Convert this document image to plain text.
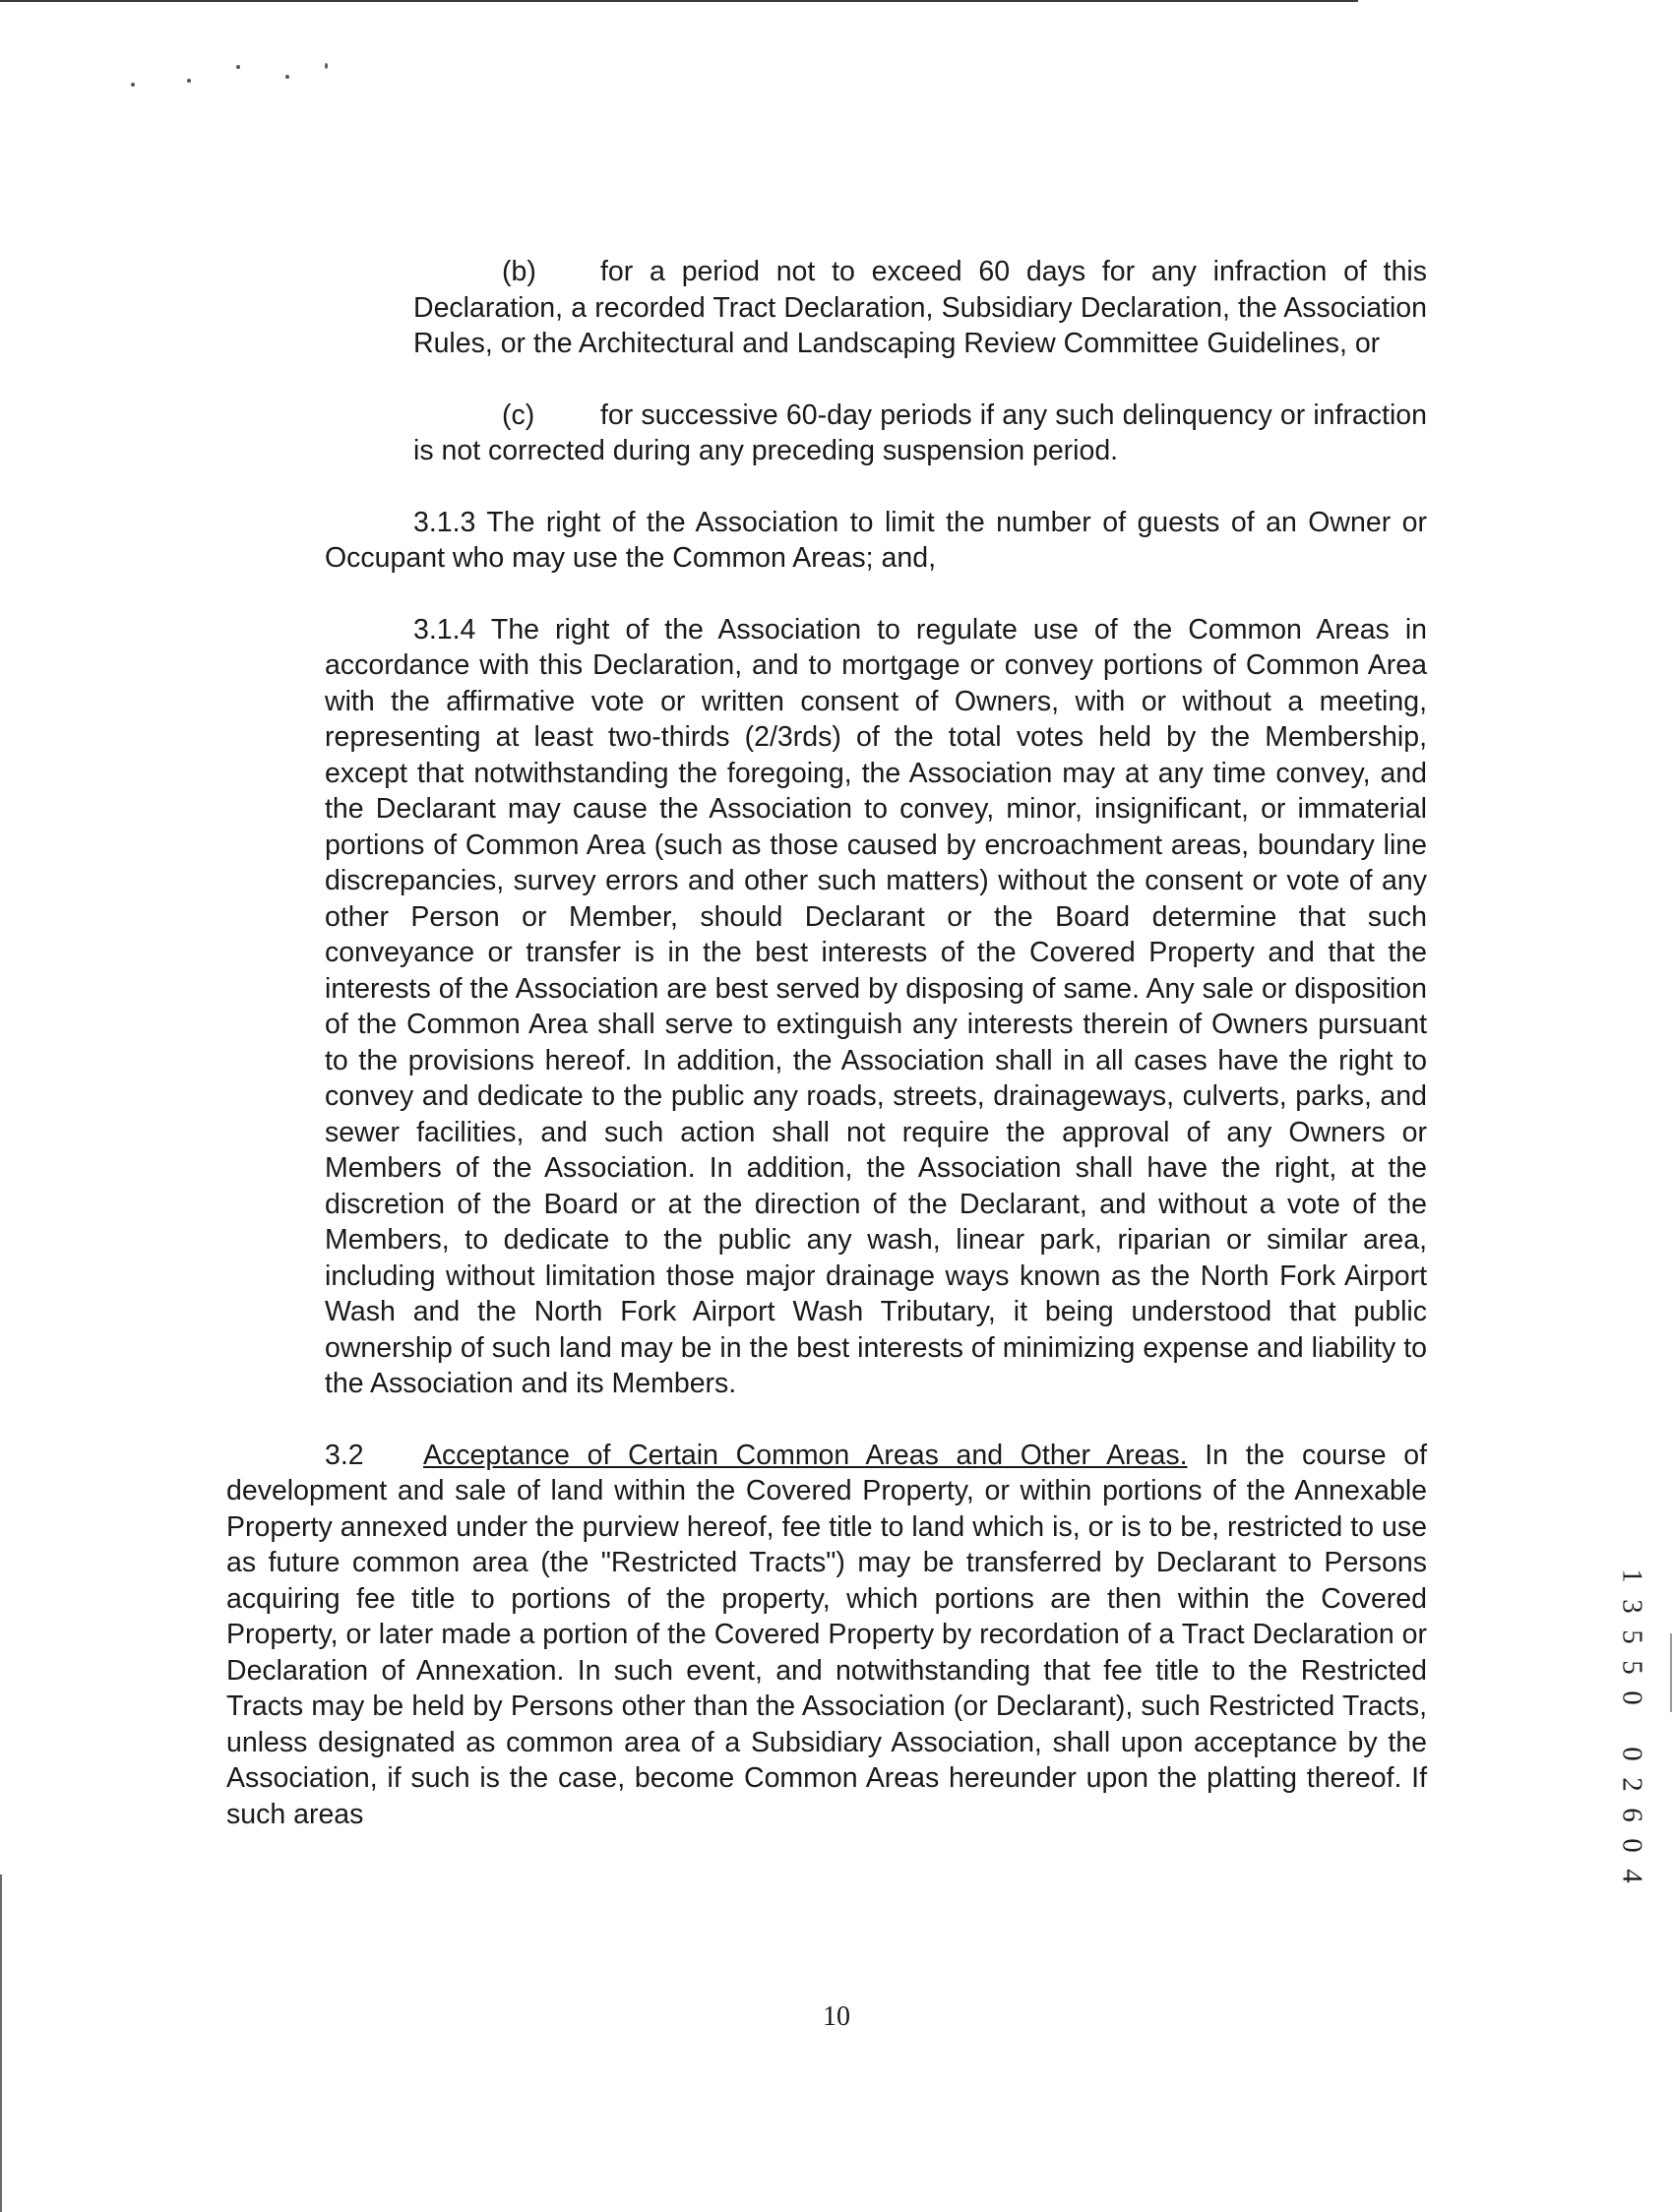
(b) for a period not to exceed 60 days for any infraction of this Declaration, a recorded Tract Declaration, Subsidiary Declaration, the Association Rules, or the Architectural and Landscaping Review Committee Guidelines, or

(c) for successive 60-day periods if any such delinquency or infraction is not corrected during any preceding suspension period.

3.1.3 The right of the Association to limit the number of guests of an Owner or Occupant who may use the Common Areas; and,

3.1.4 The right of the Association to regulate use of the Common Areas in accordance with this Declaration, and to mortgage or convey portions of Common Area with the affirmative vote or written consent of Owners, with or without a meeting, representing at least two-thirds (2/3rds) of the total votes held by the Membership, except that notwithstanding the foregoing, the Association may at any time convey, and the Declarant may cause the Association to convey, minor, insignificant, or immaterial portions of Common Area (such as those caused by encroachment areas, boundary line discrepancies, survey errors and other such matters) without the consent or vote of any other Person or Member, should Declarant or the Board determine that such conveyance or transfer is in the best interests of the Covered Property and that the interests of the Association are best served by disposing of same. Any sale or disposition of the Common Area shall serve to extinguish any interests therein of Owners pursuant to the provisions hereof. In addition, the Association shall in all cases have the right to convey and dedicate to the public any roads, streets, drainageways, culverts, parks, and sewer facilities, and such action shall not require the approval of any Owners or Members of the Association. In addition, the Association shall have the right, at the discretion of the Board or at the direction of the Declarant, and without a vote of the Members, to dedicate to the public any wash, linear park, riparian or similar area, including without limitation those major drainage ways known as the North Fork Airport Wash and the North Fork Airport Wash Tributary, it being understood that public ownership of such land may be in the best interests of minimizing expense and liability to the Association and its Members.

3.2 Acceptance of Certain Common Areas and Other Areas. In the course of development and sale of land within the Covered Property, or within portions of the Annexable Property annexed under the purview hereof, fee title to land which is, or is to be, restricted to use as future common area (the "Restricted Tracts") may be transferred by Declarant to Persons acquiring fee title to portions of the property, which portions are then within the Covered Property, or later made a portion of the Covered Property by recordation of a Tract Declaration or Declaration of Annexation. In such event, and notwithstanding that fee title to the Restricted Tracts may be held by Persons other than the Association (or Declarant), such Restricted Tracts, unless designated as common area of a Subsidiary Association, shall upon acceptance by the Association, if such is the case, become Common Areas hereunder upon the platting thereof. If such areas

10
1
3
5
5
0
0
2
6
0
4
